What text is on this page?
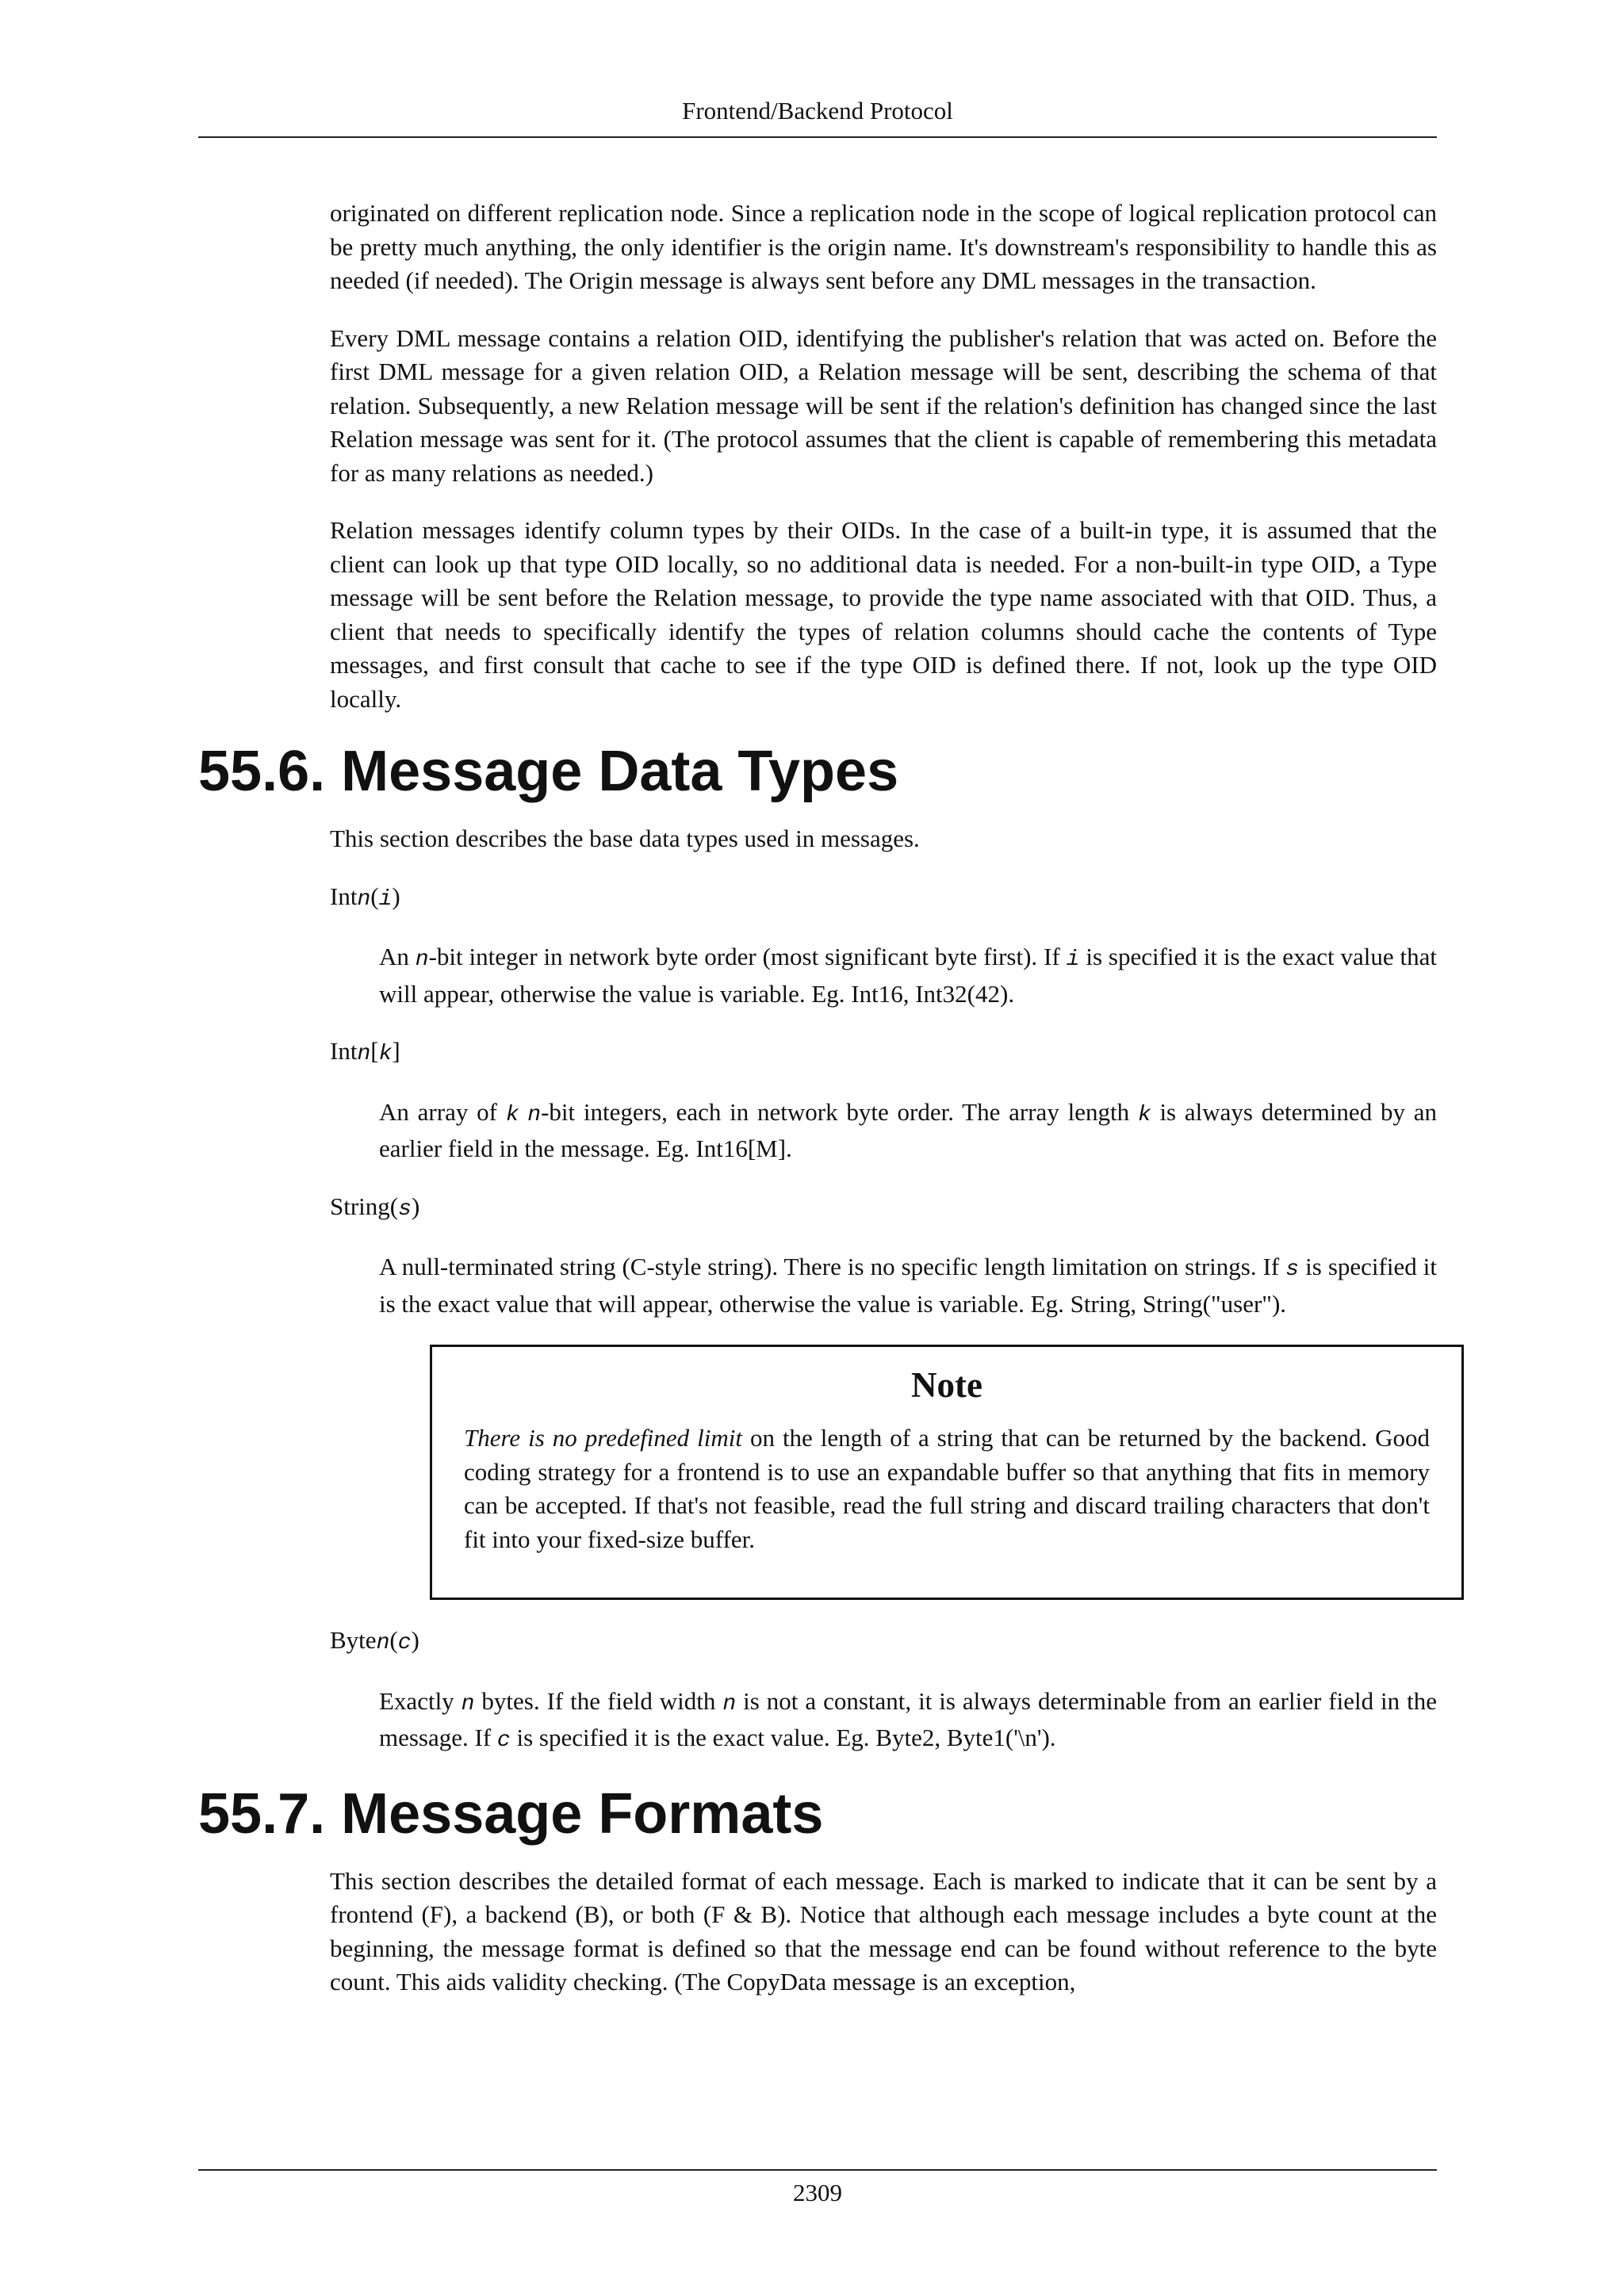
Frontend/Backend Protocol

originated on different replication node. Since a replication node in the scope of logical replication protocol can be pretty much anything, the only identifier is the origin name. It's downstream's responsibility to handle this as needed (if needed). The Origin message is always sent before any DML messages in the transaction.

Every DML message contains a relation OID, identifying the publisher's relation that was acted on. Before the first DML message for a given relation OID, a Relation message will be sent, describing the schema of that relation. Subsequently, a new Relation message will be sent if the relation's definition has changed since the last Relation message was sent for it. (The protocol assumes that the client is capable of remembering this metadata for as many relations as needed.)

Relation messages identify column types by their OIDs. In the case of a built-in type, it is assumed that the client can look up that type OID locally, so no additional data is needed. For a non-built-in type OID, a Type message will be sent before the Relation message, to provide the type name associated with that OID. Thus, a client that needs to specifically identify the types of relation columns should cache the contents of Type messages, and first consult that cache to see if the type OID is defined there. If not, look up the type OID locally.

55.6. Message Data Types

This section describes the base data types used in messages.

Intn(i)
An n-bit integer in network byte order (most significant byte first). If i is specified it is the exact value that will appear, otherwise the value is variable. Eg. Int16, Int32(42).
Intn[k]
An array of k n-bit integers, each in network byte order. The array length k is always determined by an earlier field in the message. Eg. Int16[M].
String(s)
A null-terminated string (C-style string). There is no specific length limitation on strings. If s is specified it is the exact value that will appear, otherwise the value is variable. Eg. String, String("user").
Note
There is no predefined limit on the length of a string that can be returned by the backend. Good coding strategy for a frontend is to use an expandable buffer so that anything that fits in memory can be accepted. If that's not feasible, read the full string and discard trailing characters that don't fit into your fixed-size buffer.
Byten(c)
Exactly n bytes. If the field width n is not a constant, it is always determinable from an earlier field in the message. If c is specified it is the exact value. Eg. Byte2, Byte1('\n').
55.7. Message Formats

This section describes the detailed format of each message. Each is marked to indicate that it can be sent by a frontend (F), a backend (B), or both (F & B). Notice that although each message includes a byte count at the beginning, the message format is defined so that the message end can be found without reference to the byte count. This aids validity checking. (The CopyData message is an exception,

2309
